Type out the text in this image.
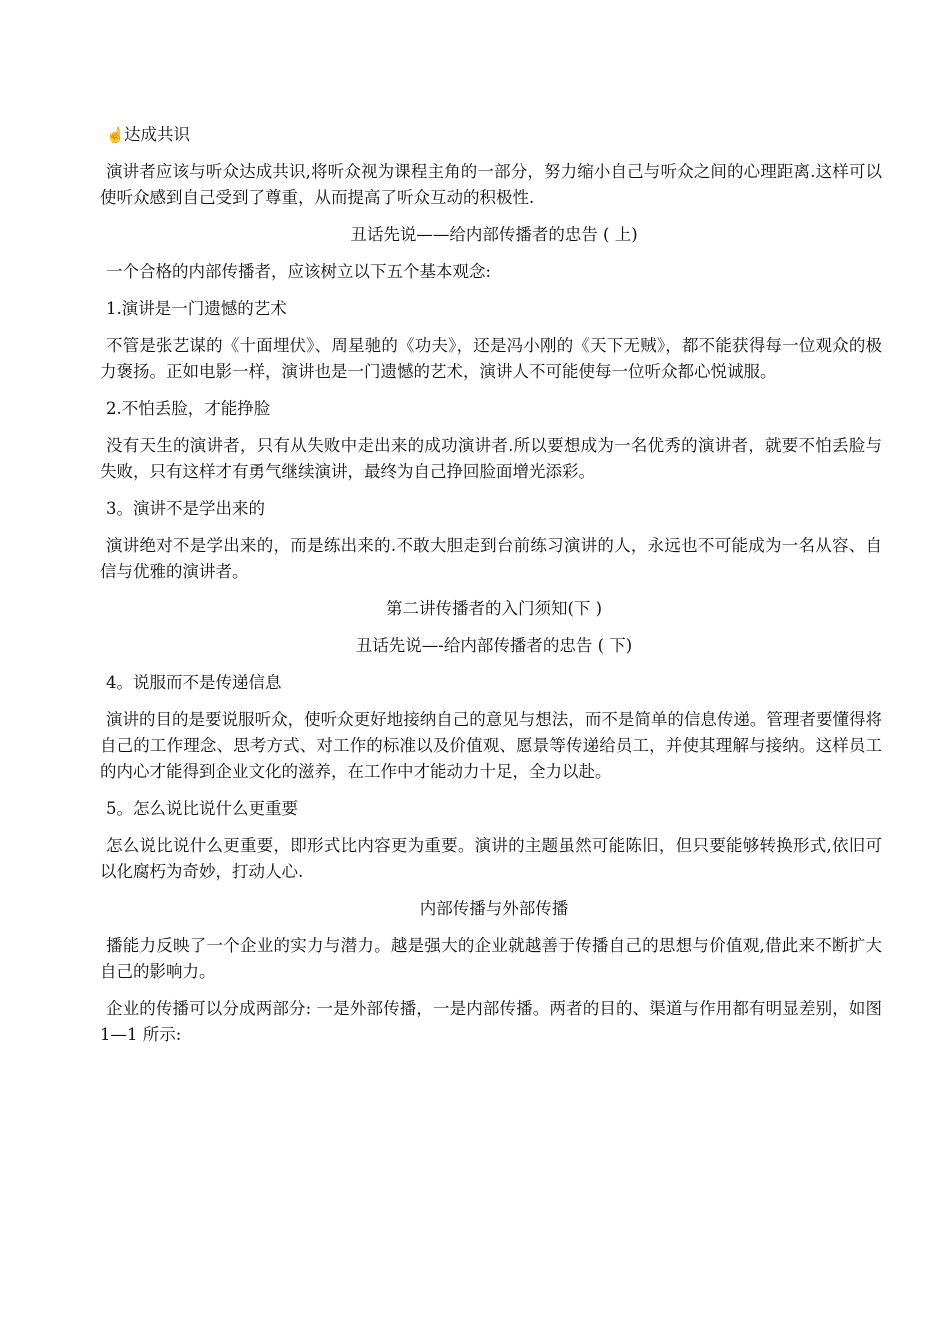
☝达成共识
演讲者应该与听众达成共识,将听众视为课程主角的一部分，努力缩小自己与听众之间的心理距离.这样可以使听众感到自己受到了尊重，从而提高了听众互动的积极性.
丑话先说——给内部传播者的忠告 ( 上)
一个合格的内部传播者，应该树立以下五个基本观念:
1.演讲是一门遗憾的艺术
不管是张艺谋的《十面埋伏》、周星驰的《功夫》，还是冯小刚的《天下无贼》，都不能获得每一位观众的极力褒扬。正如电影一样，演讲也是一门遗憾的艺术，演讲人不可能使每一位听众都心悦诚服。
2.不怕丢脸，才能挣脸
没有天生的演讲者，只有从失败中走出来的成功演讲者.所以要想成为一名优秀的演讲者，就要不怕丢脸与失败，只有这样才有勇气继续演讲，最终为自己挣回脸面增光添彩。
3。演讲不是学出来的
演讲绝对不是学出来的，而是练出来的.不敢大胆走到台前练习演讲的人，永远也不可能成为一名从容、自信与优雅的演讲者。
第二讲传播者的入门须知(下 )
丑话先说—-给内部传播者的忠告 ( 下)
4。说服而不是传递信息
演讲的目的是要说服听众，使听众更好地接纳自己的意见与想法，而不是简单的信息传递。管理者要懂得将自己的工作理念、思考方式、对工作的标准以及价值观、愿景等传递给员工，并使其理解与接纳。这样员工的内心才能得到企业文化的滋养，在工作中才能动力十足，全力以赴。
5。怎么说比说什么更重要
怎么说比说什么更重要，即形式比内容更为重要。演讲的主题虽然可能陈旧，但只要能够转换形式,依旧可以化腐朽为奇妙，打动人心.
内部传播与外部传播
播能力反映了一个企业的实力与潜力。越是强大的企业就越善于传播自己的思想与价值观,借此来不断扩大自己的影响力。
企业的传播可以分成两部分: 一是外部传播，一是内部传播。两者的目的、渠道与作用都有明显差别，如图 1—1 所示:
